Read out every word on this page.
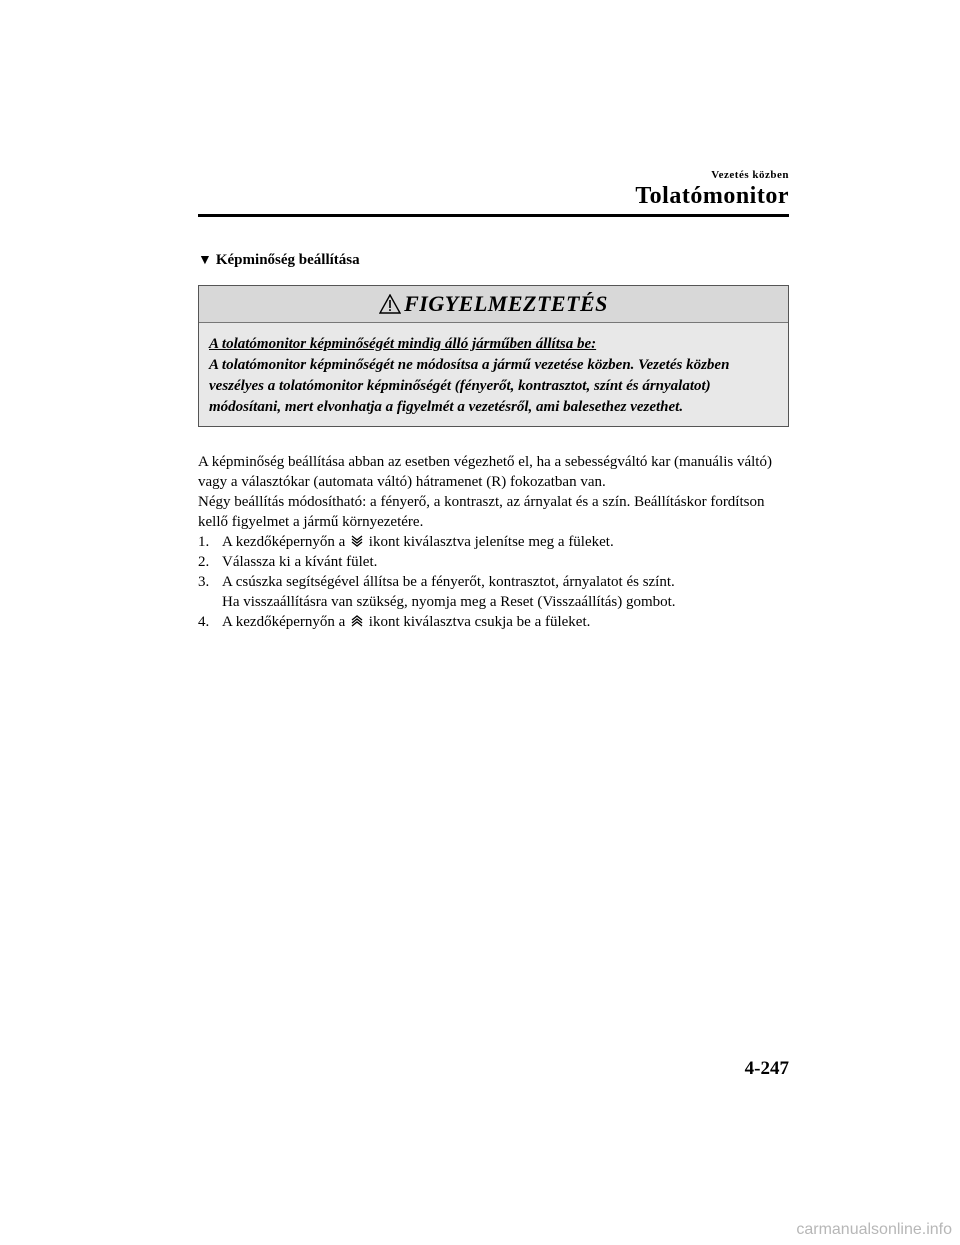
Vezetés közben
Tolatómonitor
▼ Képminőség beállítása
FIGYELMEZTETÉS
A tolatómonitor képminőségét mindig álló járműben állítsa be:
A tolatómonitor képminőségét ne módosítsa a jármű vezetése közben. Vezetés közben veszélyes a tolatómonitor képminőségét (fényerőt, kontrasztot, színt és árnyalatot) módosítani, mert elvonhatja a figyelmét a vezetésről, ami balesethez vezethet.

A képminőség beállítása abban az esetben végezhető el, ha a sebességváltó kar (manuális váltó) vagy a választókar (automata váltó) hátramenet (R) fokozatban van.

Négy beállítás módosítható: a fényerő, a kontraszt, az árnyalat és a szín. Beállításkor fordítson kellő figyelmet a jármű környezetére.

1. A kezdőképernyőn a ikont kiválasztva jelenítse meg a füleket.
2. Válassza ki a kívánt fület.
3. A csúszka segítségével állítsa be a fényerőt, kontrasztot, árnyalatot és színt.
Ha visszaállításra van szükség, nyomja meg a Reset (Visszaállítás) gombot.
4. A kezdőképernyőn a ikont kiválasztva csukja be a füleket.
4-247
carmanualsonline.info
